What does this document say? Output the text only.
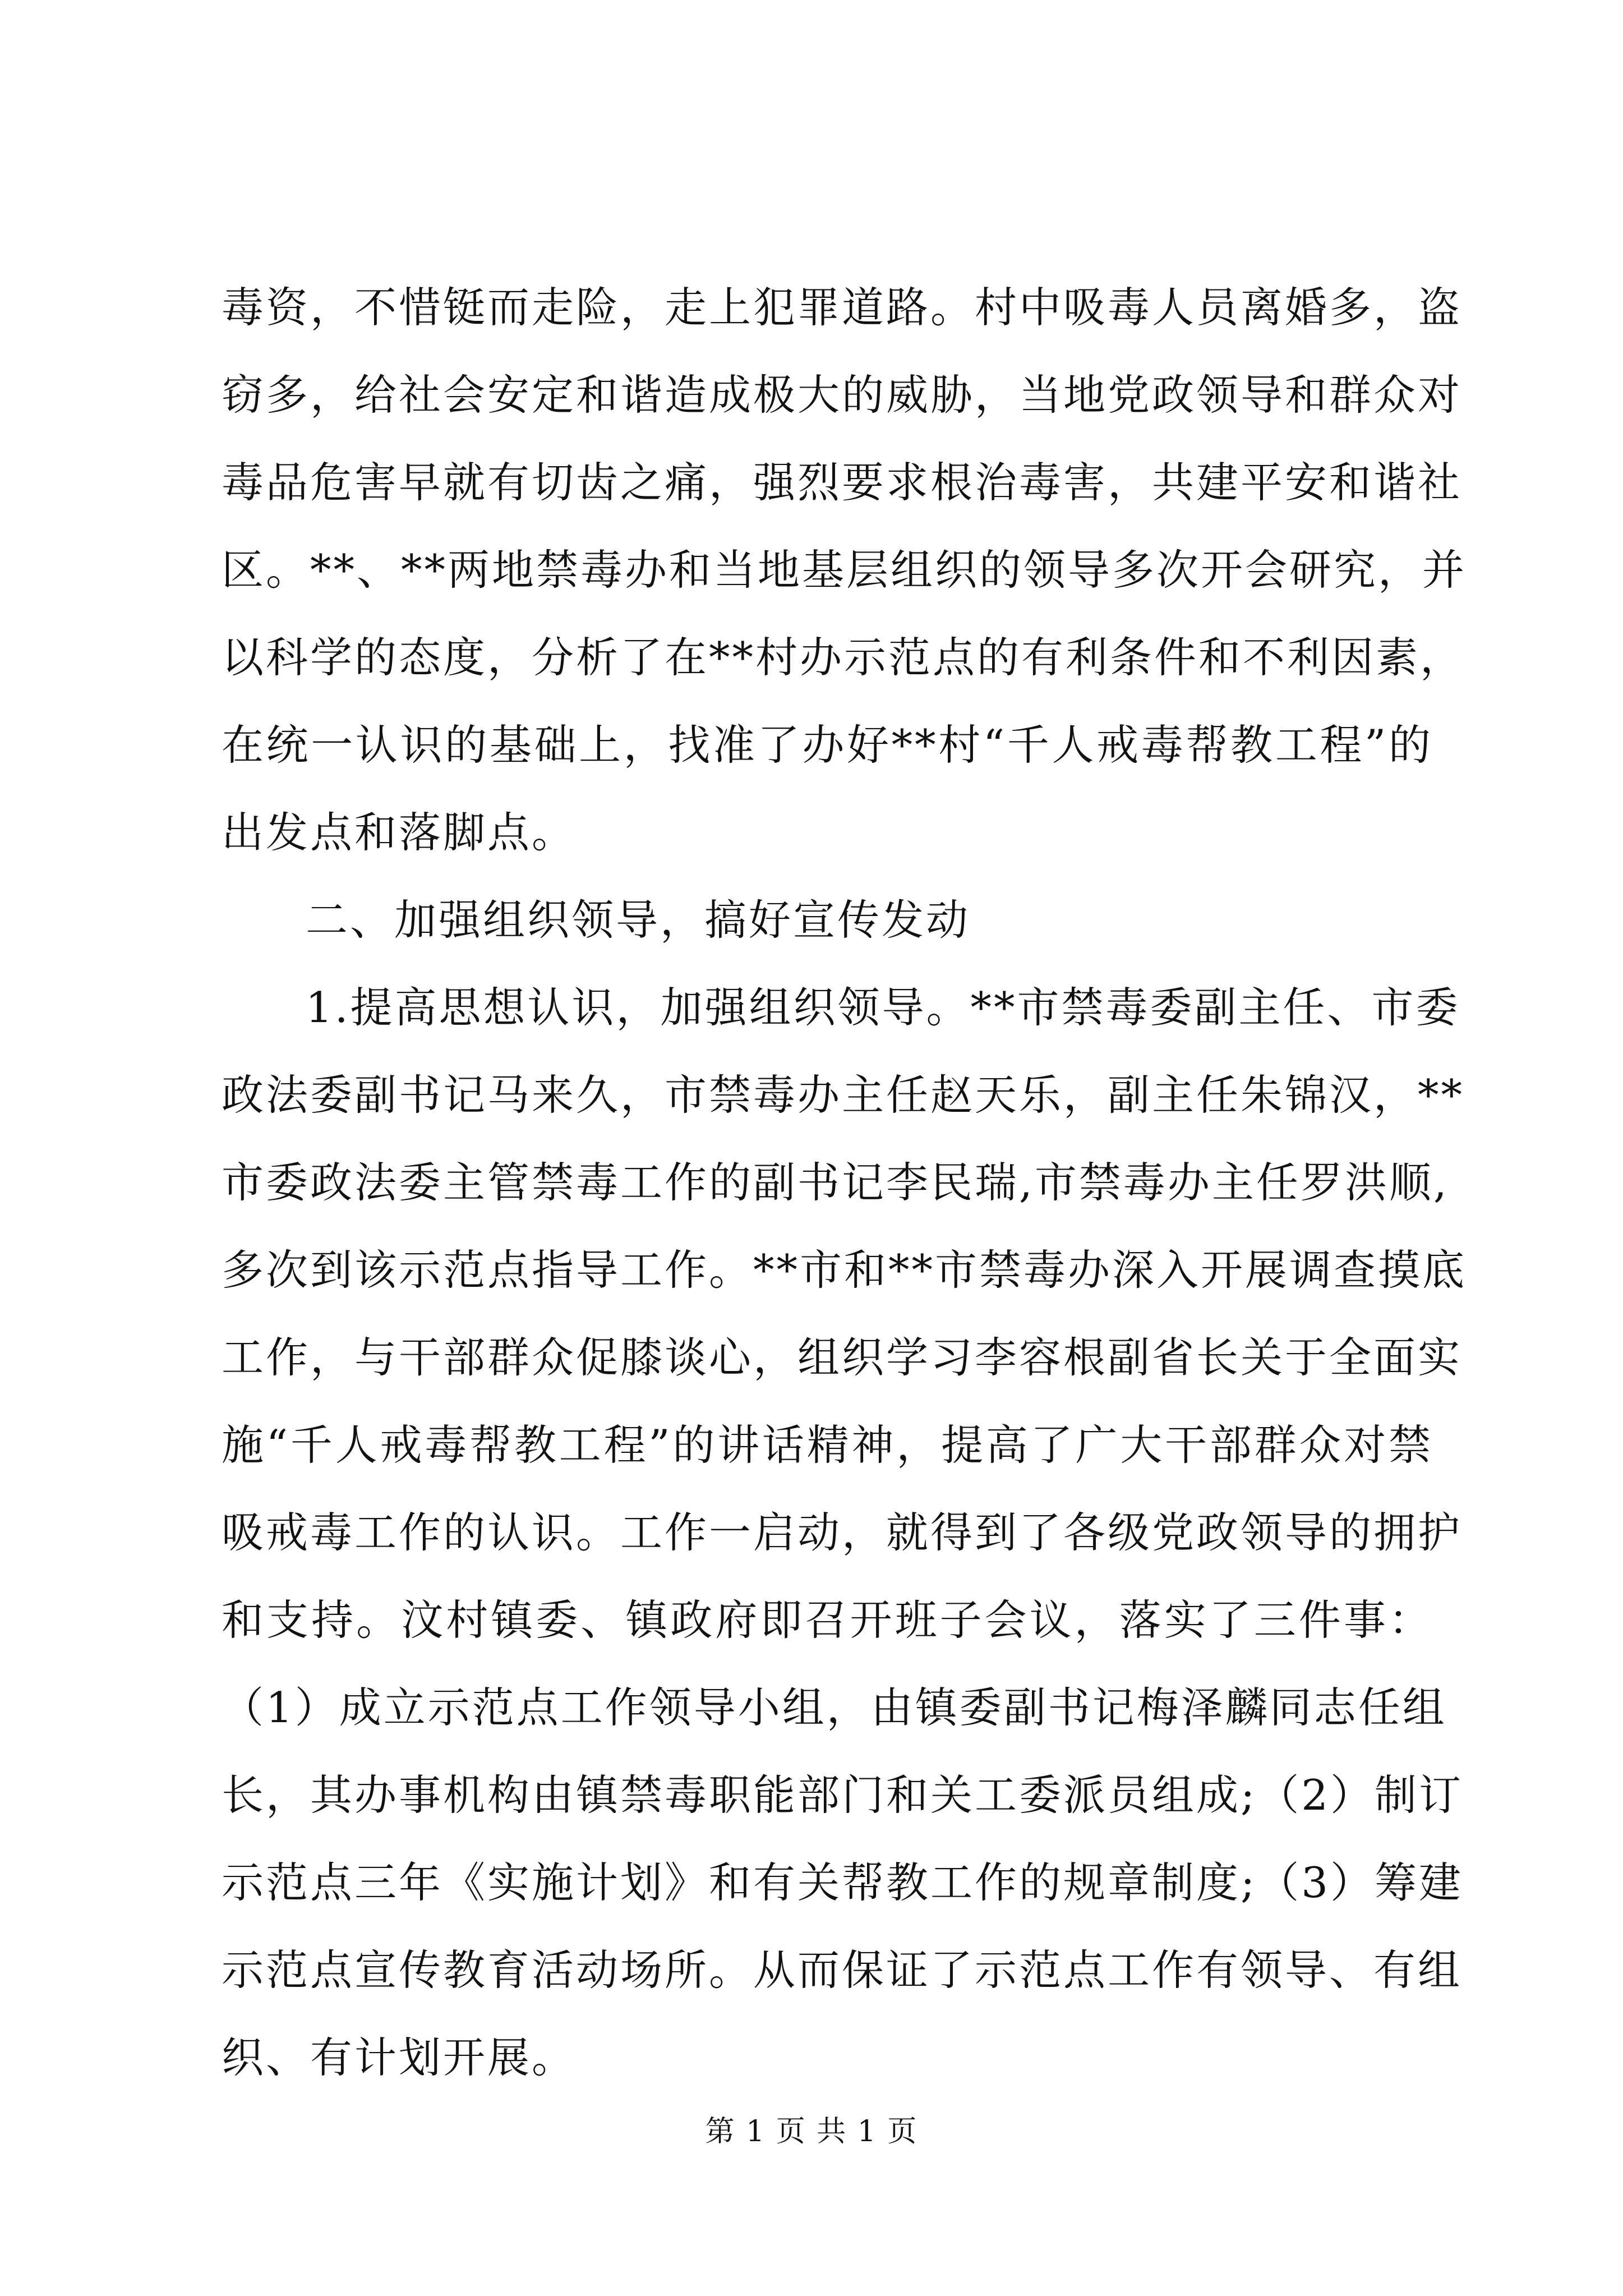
毒资，不惜铤而走险，走上犯罪道路。村中吸毒人员离婚多，盗
窃多，给社会安定和谐造成极大的威胁，当地党政领导和群众对
毒品危害早就有切齿之痛，强烈要求根治毒害，共建平安和谐社
区。**、**两地禁毒办和当地基层组织的领导多次开会研究，并
以科学的态度，分析了在**村办示范点的有利条件和不利因素，
在统一认识的基础上，找准了办好**村“千人戒毒帮教工程”的
出发点和落脚点。
二、加强组织领导，搞好宣传发动
1.提高思想认识，加强组织领导。**市禁毒委副主任、市委
政法委副书记马来久，市禁毒办主任赵天乐，副主任朱锦汉，**
市委政法委主管禁毒工作的副书记李民瑞,市禁毒办主任罗洪顺,
多次到该示范点指导工作。**市和**市禁毒办深入开展调查摸底
工作，与干部群众促膝谈心，组织学习李容根副省长关于全面实
施“千人戒毒帮教工程”的讲话精神，提高了广大干部群众对禁
吸戒毒工作的认识。工作一启动，就得到了各级党政领导的拥护
和支持。汶村镇委、镇政府即召开班子会议，落实了三件事：
（1）成立示范点工作领导小组，由镇委副书记梅泽麟同志任组
长，其办事机构由镇禁毒职能部门和关工委派员组成;（2）制订
示范点三年《实施计划》和有关帮教工作的规章制度;（3）筹建
示范点宣传教育活动场所。从而保证了示范点工作有领导、有组
织、有计划开展。
第 1 页 共 1 页
